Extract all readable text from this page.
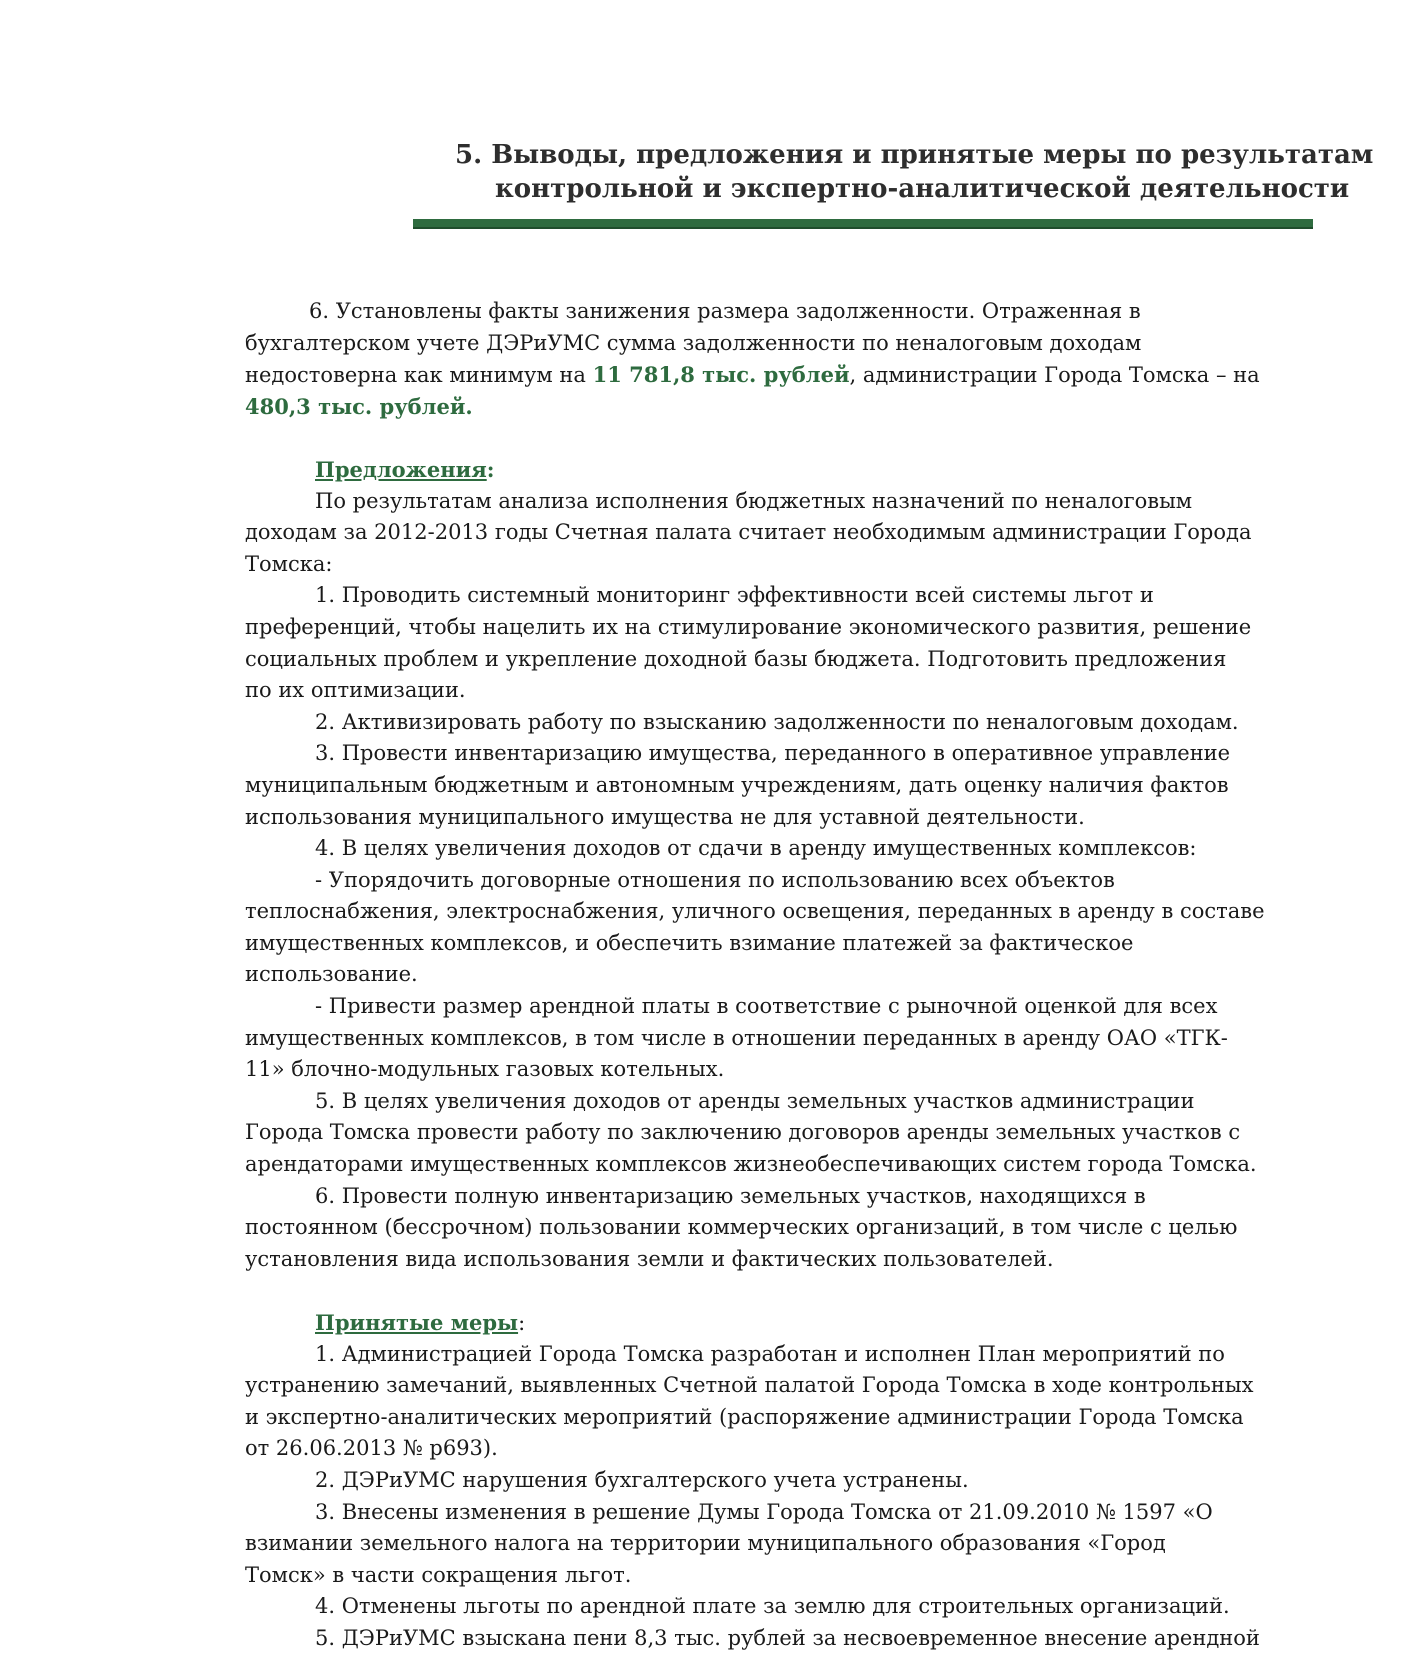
5. Выводы, предложения и принятые меры по результатам
контрольной и экспертно-аналитической деятельности
6. Установлены факты занижения размера задолженности. Отраженная в
бухгалтерском учете ДЭРиУМС сумма задолженности по неналоговым доходам
недостоверна как минимум на 11 781,8 тыс. рублей, администрации Города Томска – на
480,3 тыс. рублей.
Предложения:
По результатам анализа исполнения бюджетных назначений по неналоговым
доходам за 2012-2013 годы Счетная палата считает необходимым администрации Города
Томска:
1. Проводить системный мониторинг эффективности всей системы льгот и
преференций, чтобы нацелить их на стимулирование экономического развития, решение
социальных проблем и укрепление доходной базы бюджета. Подготовить предложения
по их оптимизации.
2. Активизировать работу по взысканию задолженности по неналоговым доходам.
3. Провести инвентаризацию имущества, переданного в оперативное управление
муниципальным бюджетным и автономным учреждениям, дать оценку наличия фактов
использования муниципального имущества не для уставной деятельности.
4. В целях увеличения доходов от сдачи в аренду имущественных комплексов:
- Упорядочить договорные отношения по использованию всех объектов
теплоснабжения, электроснабжения, уличного освещения, переданных в аренду в составе
имущественных комплексов, и обеспечить взимание платежей за фактическое
использование.
- Привести размер арендной платы в соответствие с рыночной оценкой для всех
имущественных комплексов, в том числе в отношении переданных в аренду ОАО «ТГК-
11» блочно-модульных газовых котельных.
5. В целях увеличения доходов от аренды земельных участков администрации
Города Томска провести работу по заключению договоров аренды земельных участков с
арендаторами имущественных комплексов жизнеобеспечивающих систем города Томска.
6. Провести полную инвентаризацию земельных участков, находящихся в
постоянном (бессрочном) пользовании коммерческих организаций, в том числе с целью
установления вида использования земли и фактических пользователей.
Принятые меры:
1. Администрацией Города Томска разработан и исполнен План мероприятий по
устранению замечаний, выявленных Счетной палатой Города Томска в ходе контрольных
и экспертно-аналитических мероприятий (распоряжение администрации Города Томска
от 26.06.2013 № р693).
2. ДЭРиУМС нарушения бухгалтерского учета устранены.
3. Внесены изменения в решение Думы Города Томска от 21.09.2010 № 1597 «О
взимании земельного налога на территории муниципального образования «Город
Томск» в части сокращения льгот.
4. Отменены льготы по арендной плате за землю для строительных организаций.
5. ДЭРиУМС взыскана пени 8,3 тыс. рублей за несвоевременное внесение арендной
